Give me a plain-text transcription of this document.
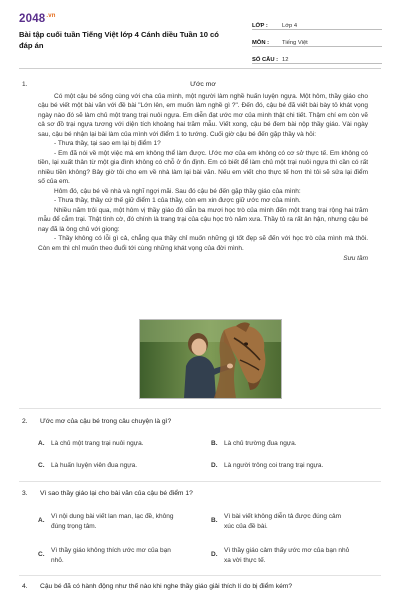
$2048^{.vn}$
Bài tập cuối tuần Tiếng Việt lớp 4 Cánh diều Tuần 10 có đáp án
LỚP :	Lớp 4
MÔN :	Tiếng Việt
SỐ CÂU : 12
1.	Ước mơ

Có một cậu bé sống cùng với cha của mình, một người làm nghề huấn luyện ngựa. Một hôm, thầy giáo cho cậu bé viết một bài văn với đề bài "Lớn lên, em muốn làm nghề gì ?". Đến đó, cậu bé đã viết bài bày tỏ khát vọng ngày nào đó sẽ làm chủ một trang trại nuôi ngựa. Em diễn đạt ước mơ của mình thật chi tiết. Thậm chí em còn vẽ cả sơ đồ trại ngựa tương với diện tích khoảng hai trăm mẫu. Viết xong, cậu bé đem bài nộp thầy giáo. Vài ngày sau, cậu bé nhận lại bài làm của mình với điểm 1 to tướng. Cuối giờ cậu bé đến gặp thầy và hỏi:

- Thưa thầy, tại sao em lại bị điểm 1?

- Em đã nói về một việc mà em không thể làm được. Ước mơ của em không có cơ sở thực tế. Em không có tiền, lại xuất thân từ một gia đình không có chỗ ở ổn định. Em có biết để làm chủ một trại nuôi ngựa thì cần có rất nhiều tiền không? Bây giờ tôi cho em về nhà làm lại bài văn. Nếu em viết cho thực tế hơn thì tôi sẽ sửa lại điểm số của em.

Hôm đó, cậu bé về nhà và nghĩ ngợi mãi. Sau đó cậu bé đến gặp thầy giáo của mình:

- Thưa thầy, thầy cứ thế giữ điểm 1 của thầy, còn em xin được giữ ước mơ của mình.

Nhiều năm trôi qua, một hôm vị thầy giáo đó dẫn ba mươi học trò của mình đến một trang trại rộng hai trăm mẫu để cắm trại. Thật tình cờ, đó chính là trang trại của cậu học trò năm xưa. Thầy tỏ ra rất ân hận, nhưng cậu bé nay đã là ông chủ với giọng:

- Thầy không có lỗi gì cả, chẳng qua thầy chỉ muốn những gì tốt đẹp sẽ đến với học trò của mình mà thôi. Còn em thì chỉ muốn theo đuổi tới cùng những khát vọng của đời mình.

Sưu tầm
2. Ước mơ của cậu bé trong câu chuyện là gì?
A. Là chủ một trang trại nuôi ngựa.	B. Là chủ trường đua ngựa.
C. Là huấn luyện viên đua ngựa.	D. Là người trông coi trang trại ngựa.
3. Vì sao thầy giáo lại cho bài văn của cậu bé điểm 1?
A.
Vì nội dung bài viết lan man, lạc đề, không
đúng trọng tâm.
B.
Vì bài viết không diễn tả được đúng cảm
xúc của đề bài.
C.
Vì thầy giáo không thích ước mơ của bạn
nhỏ.
D.
Vì thầy giáo cảm thấy ước mơ của bạn nhỏ
xa vời thực tế.
4. Cậu bé đã có hành động như thế nào khi nghe thầy giáo giải thích lí do bị điểm kém?
